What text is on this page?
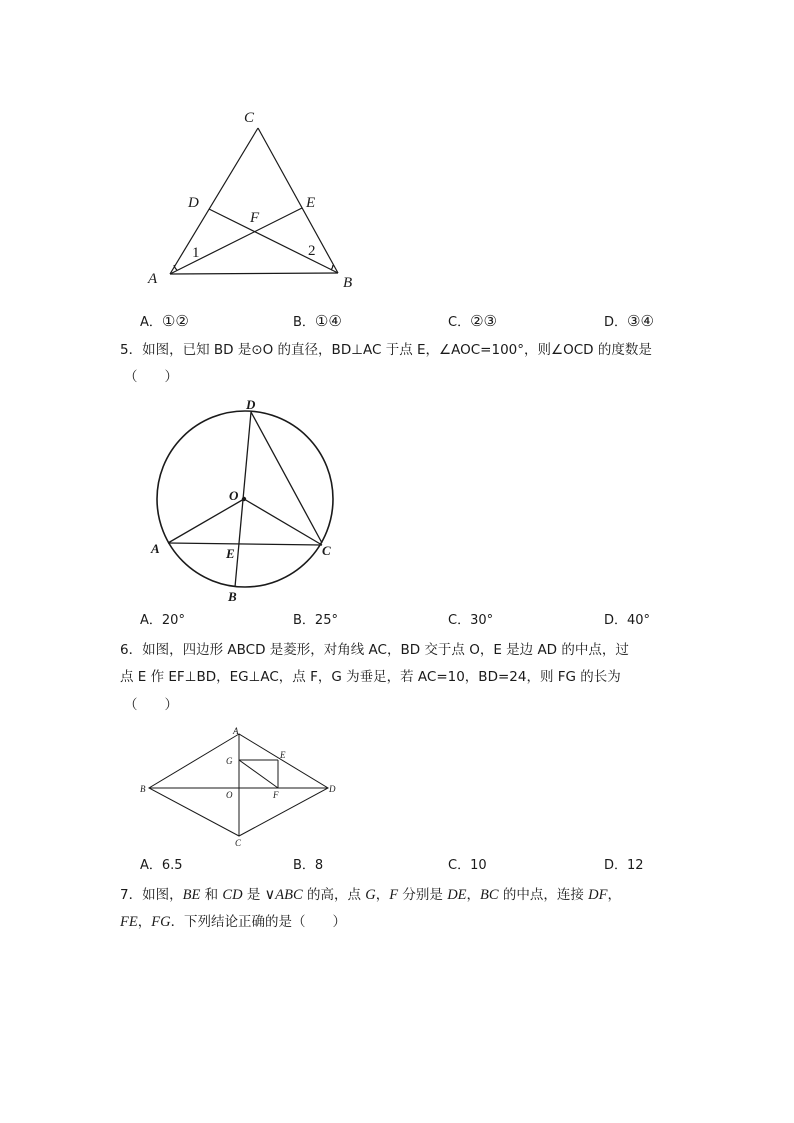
C
D	E
F
A	B
1	2
A．①②	B．①④	C．②③	D．③④
5．如图，已知 BD 是⊙O 的直径，BD⊥AC 于点 E，∠AOC=100°，则∠OCD 的度数是
（　　）
D
O
A	E	C
B
A．20°	B．25°	C．30°	D．40°
6．如图，四边形 ABCD 是菱形，对角线 AC，BD 交于点 O，E 是边 AD 的中点，过
点 E 作 EF⊥BD，EG⊥AC，点 F，G 为垂足，若 AC=10，BD=24，则 FG 的长为
（　　）
A
E
G
B
O	F
D
C
A．6.5	B．8	C．10	D．12
7．如图，BE 和 CD 是 ∨ABC 的高，点 G，F 分别是 DE，BC 的中点，连接 DF，
FE，FG．下列结论正确的是（　　）
